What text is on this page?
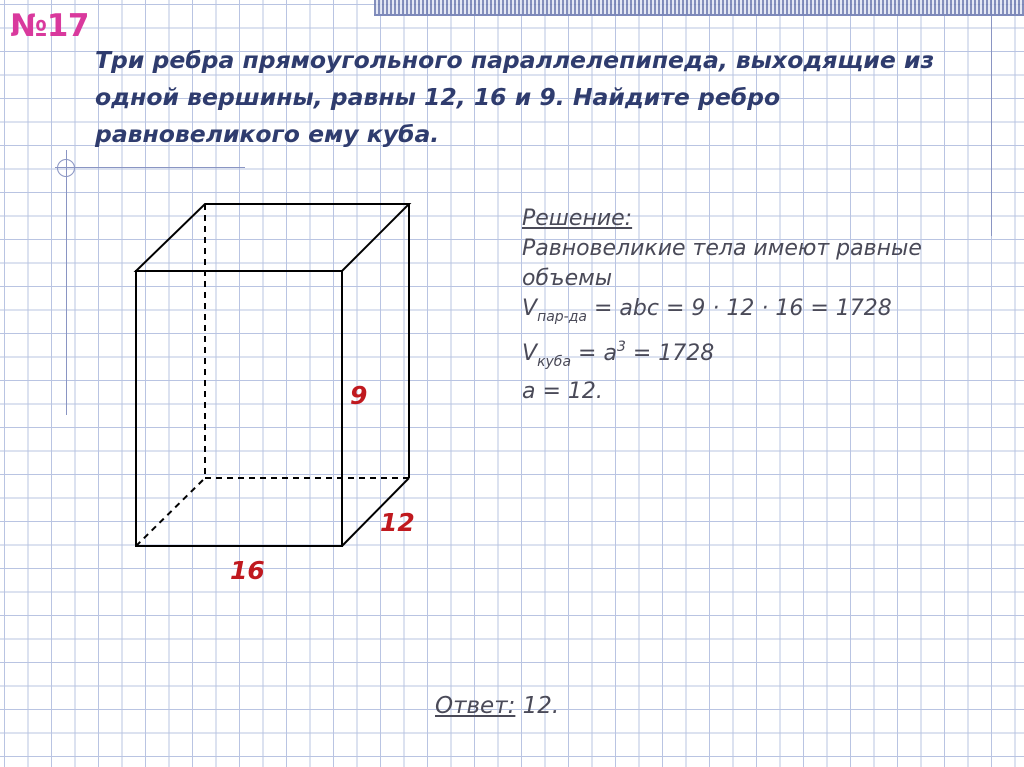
№17
Три ребра прямоугольного параллелепипеда, выходящие из
одной вершины, равны 12, 16 и 9. Найдите ребро
равновеликого ему куба.
9
12
16
Решение:
Равновеликие тела имеют равные
объемы
$V_{пар-да}$ = abc = 9 · 12 · 16 = 1728
$V_{куба} = a^3 = 1728$
a = 12.
Ответ: 12.
